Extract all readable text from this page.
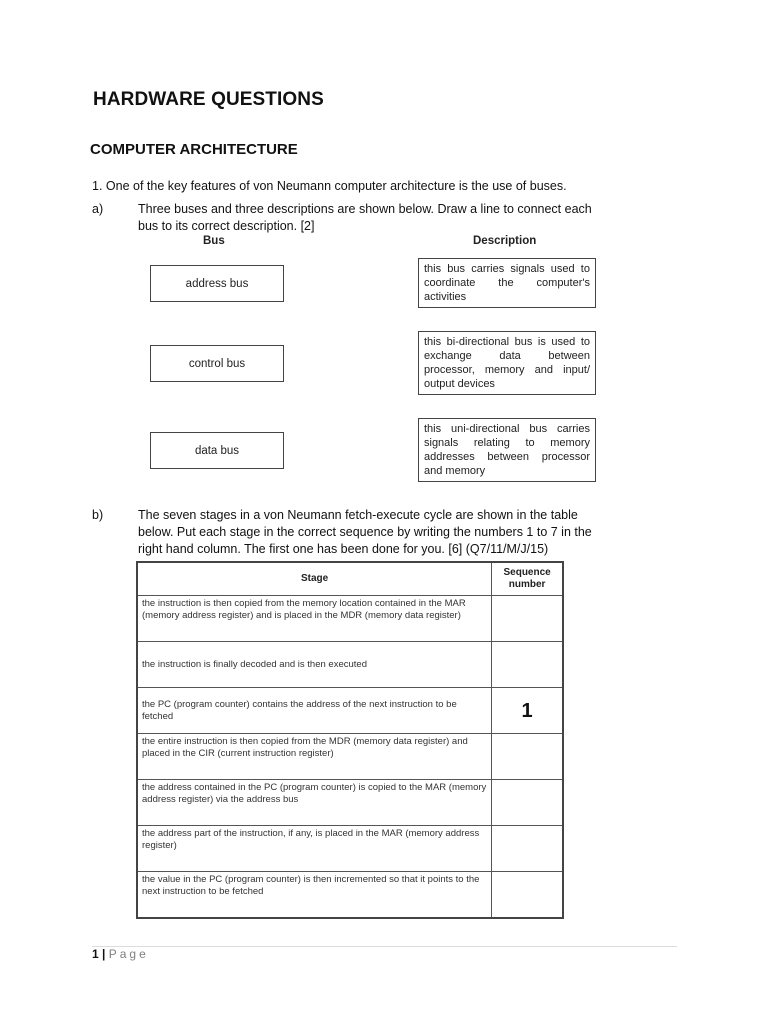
HARDWARE QUESTIONS
COMPUTER ARCHITECTURE
1. One of the key features of von Neumann computer architecture is the use of buses.
a)	Three buses and three descriptions are shown below. Draw a line to connect each bus to its correct description. [2]
Bus	Description
address bus
control bus
data bus
this bus carries signals used to coordinate the computer's activities
this bi-directional bus is used to exchange data between processor, memory and input/ output devices
this uni-directional bus carries signals relating to memory addresses between processor and memory
b)	The seven stages in a von Neumann fetch-execute cycle are shown in the table below. Put each stage in the correct sequence by writing the numbers 1 to 7 in the right hand column. The first one has been done for you. [6] (Q7/11/M/J/15)
Stage	Sequence number
the instruction is then copied from the memory location contained in the MAR (memory address register) and is placed in the MDR (memory data register)	
the instruction is finally decoded and is then executed	
the PC (program counter) contains the address of the next instruction to be fetched	1
the entire instruction is then copied from the MDR (memory data register) and placed in the CIR (current instruction register)	
the address contained in the PC (program counter) is copied to the MAR (memory address register) via the address bus	
the address part of the instruction, if any, is placed in the MAR (memory address register)	
the value in the PC (program counter) is then incremented so that it points to the next instruction to be fetched	
1 | Page
